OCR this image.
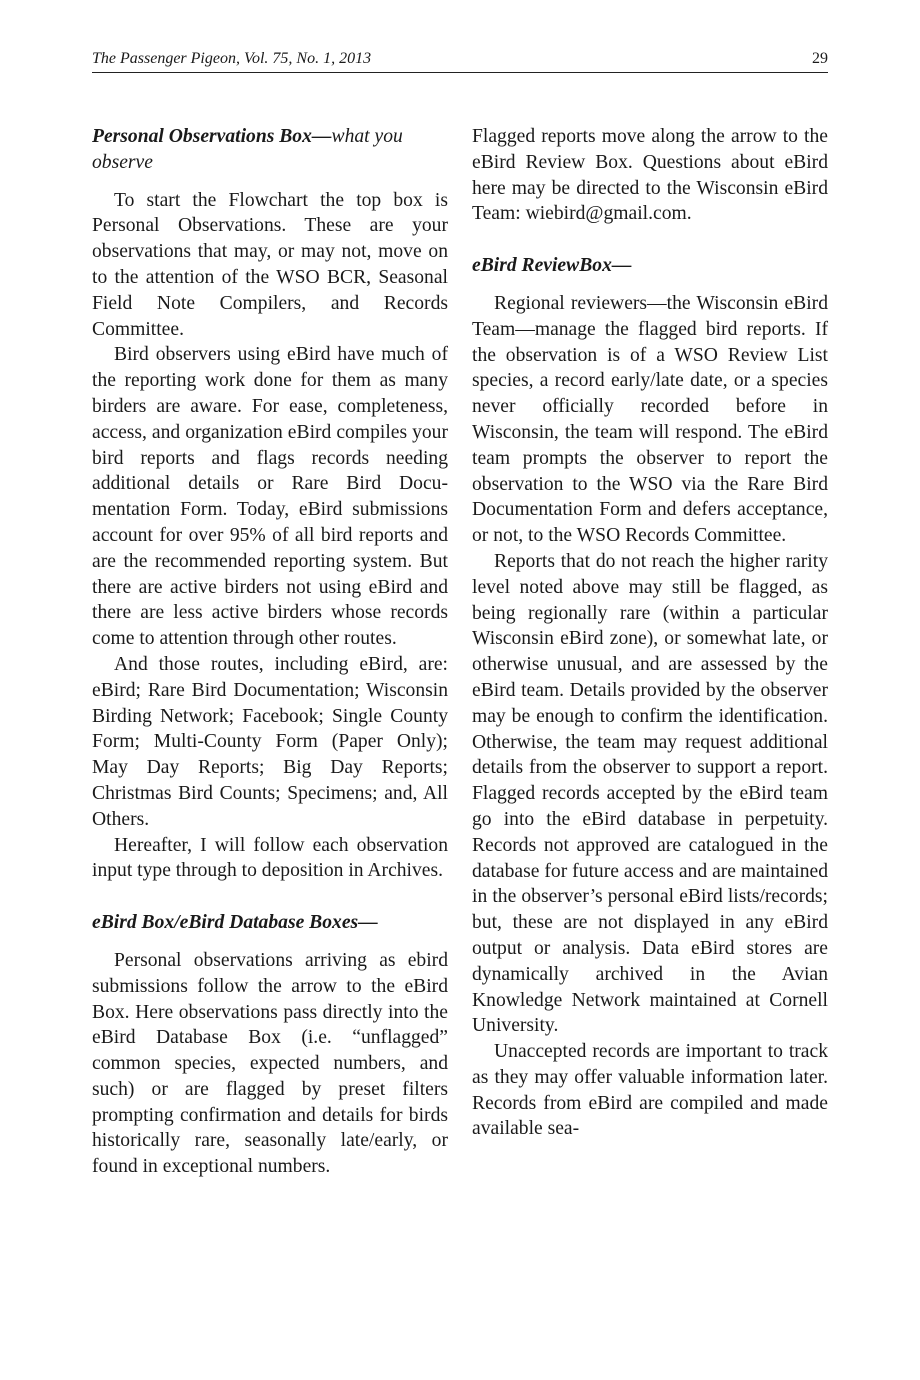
The Passenger Pigeon, Vol. 75, No. 1, 2013	29

Personal Observations Box—what you observe

To start the Flowchart the top box is Personal Observations. These are your observations that may, or may not, move on to the attention of the WSO BCR, Seasonal Field Note Compilers, and Records Committee.

Bird observers using eBird have much of the reporting work done for them as many birders are aware. For ease, completeness, access, and organization eBird compiles your bird reports and flags records needing additional details or Rare Bird Documentation Form. Today, eBird submissions account for over 95% of all bird reports and are the recommended reporting system. But there are active birders not using eBird and there are less active birders whose records come to attention through other routes.

And those routes, including eBird, are: eBird; Rare Bird Documentation; Wisconsin Birding Network; Facebook; Single County Form; Multi-County Form (Paper Only); May Day Reports; Big Day Reports; Christmas Bird Counts; Specimens; and, All Others.

Hereafter, I will follow each observation input type through to deposition in Archives.

eBird Box/eBird Database Boxes—

Personal observations arriving as ebird submissions follow the arrow to the eBird Box. Here observations pass directly into the eBird Database Box (i.e. “unflagged” common species, expected numbers, and such) or are flagged by preset filters prompting confirmation and details for birds historically rare, seasonally late/early, or found in exceptional numbers.

Flagged reports move along the arrow to the eBird Review Box. Questions about eBird here may be directed to the Wisconsin eBird Team: wiebird@gmail.com.

eBird ReviewBox—

Regional reviewers—the Wisconsin eBird Team—manage the flagged bird reports. If the observation is of a WSO Review List species, a record early/late date, or a species never officially recorded before in Wisconsin, the team will respond. The eBird team prompts the observer to report the observation to the WSO via the Rare Bird Documentation Form and defers acceptance, or not, to the WSO Records Committee.

Reports that do not reach the higher rarity level noted above may still be flagged, as being regionally rare (within a particular Wisconsin eBird zone), or somewhat late, or otherwise unusual, and are assessed by the eBird team. Details provided by the observer may be enough to confirm the identification. Otherwise, the team may request additional details from the observer to support a report. Flagged records accepted by the eBird team go into the eBird database in perpetuity. Records not approved are catalogued in the database for future access and are maintained in the observer’s personal eBird lists/records; but, these are not displayed in any eBird output or analysis. Data eBird stores are dynamically archived in the Avian Knowledge Network maintained at Cornell University.

Unaccepted records are important to track as they may offer valuable information later. Records from eBird are compiled and made available sea-
